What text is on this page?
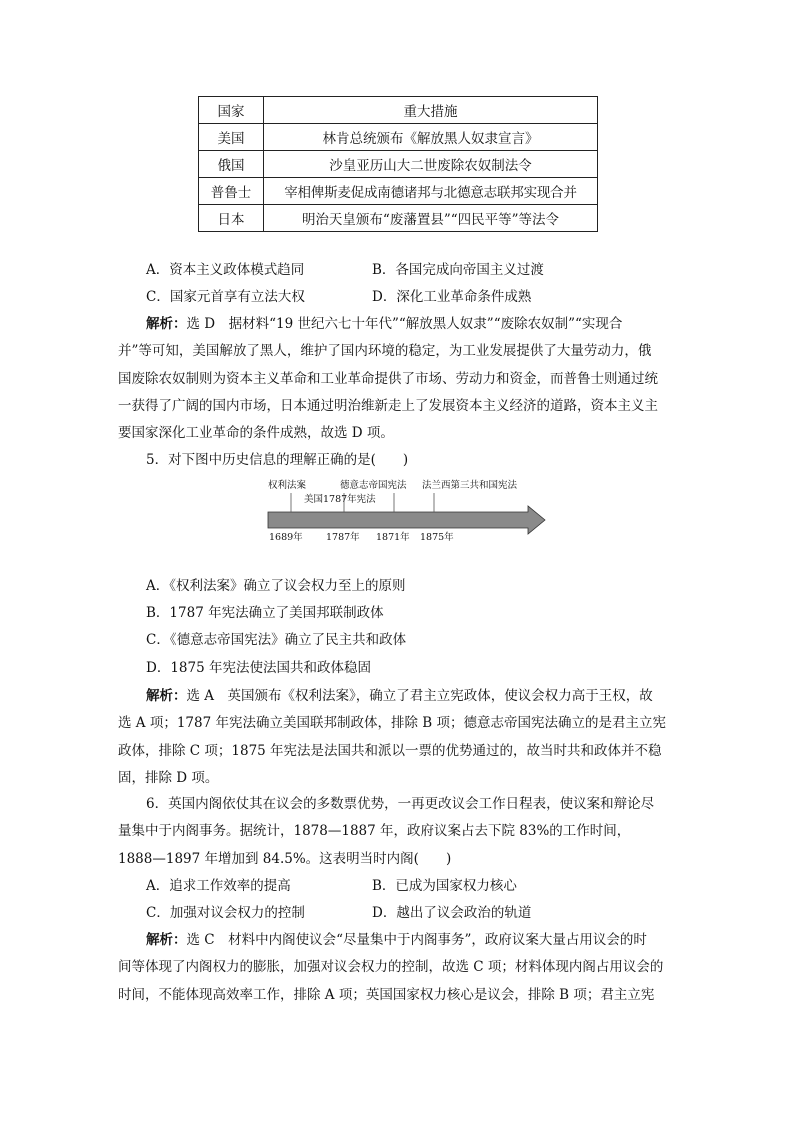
国家	重大措施
美国	林肯总统颁布《解放黑人奴隶宣言》
俄国	沙皇亚历山大二世废除农奴制法令
普鲁士	宰相俾斯麦促成南德诸邦与北德意志联邦实现合并
日本	明治天皇颁布“废藩置县”“四民平等”等法令
A．资本主义政体模式趋同	B．各国完成向帝国主义过渡
C．国家元首享有立法大权	D．深化工业革命条件成熟
解析：选 D　据材料“19 世纪六七十年代”“解放黑人奴隶”“废除农奴制”“实现合
并”等可知，美国解放了黑人，维护了国内环境的稳定，为工业发展提供了大量劳动力，俄
国废除农奴制则为资本主义革命和工业革命提供了市场、劳动力和资金，而普鲁士则通过统
一获得了广阔的国内市场，日本通过明治维新走上了发展资本主义经济的道路，资本主义主
要国家深化工业革命的条件成熟，故选 D 项。
5．对下图中历史信息的理解正确的是(　　)
权利法案
美国1787年宪法
德意志帝国宪法 法兰西第三共和国宪法
1689年 1787年 1871年 1875年
A．《权利法案》确立了议会权力至上的原则
B．1787 年宪法确立了美国邦联制政体
C．《德意志帝国宪法》确立了民主共和政体
D．1875 年宪法使法国共和政体稳固
解析：选 A　英国颁布《权利法案》，确立了君主立宪政体，使议会权力高于王权，故
选 A 项；1787 年宪法确立美国联邦制政体，排除 B 项；德意志帝国宪法确立的是君主立宪
政体，排除 C 项；1875 年宪法是法国共和派以一票的优势通过的，故当时共和政体并不稳
固，排除 D 项。
6．英国内阁依仗其在议会的多数票优势，一再更改议会工作日程表，使议案和辩论尽
量集中于内阁事务。据统计，1878—1887 年，政府议案占去下院 83%的工作时间，
1888—1897 年增加到 84.5%。这表明当时内阁(　　)
A．追求工作效率的提高	B．已成为国家权力核心
C．加强对议会权力的控制	D．越出了议会政治的轨道
解析：选 C　材料中内阁使议会“尽量集中于内阁事务”，政府议案大量占用议会的时
间等体现了内阁权力的膨胀，加强对议会权力的控制，故选 C 项；材料体现内阁占用议会的
时间，不能体现高效率工作，排除 A 项；英国国家权力核心是议会，排除 B 项；君主立宪
